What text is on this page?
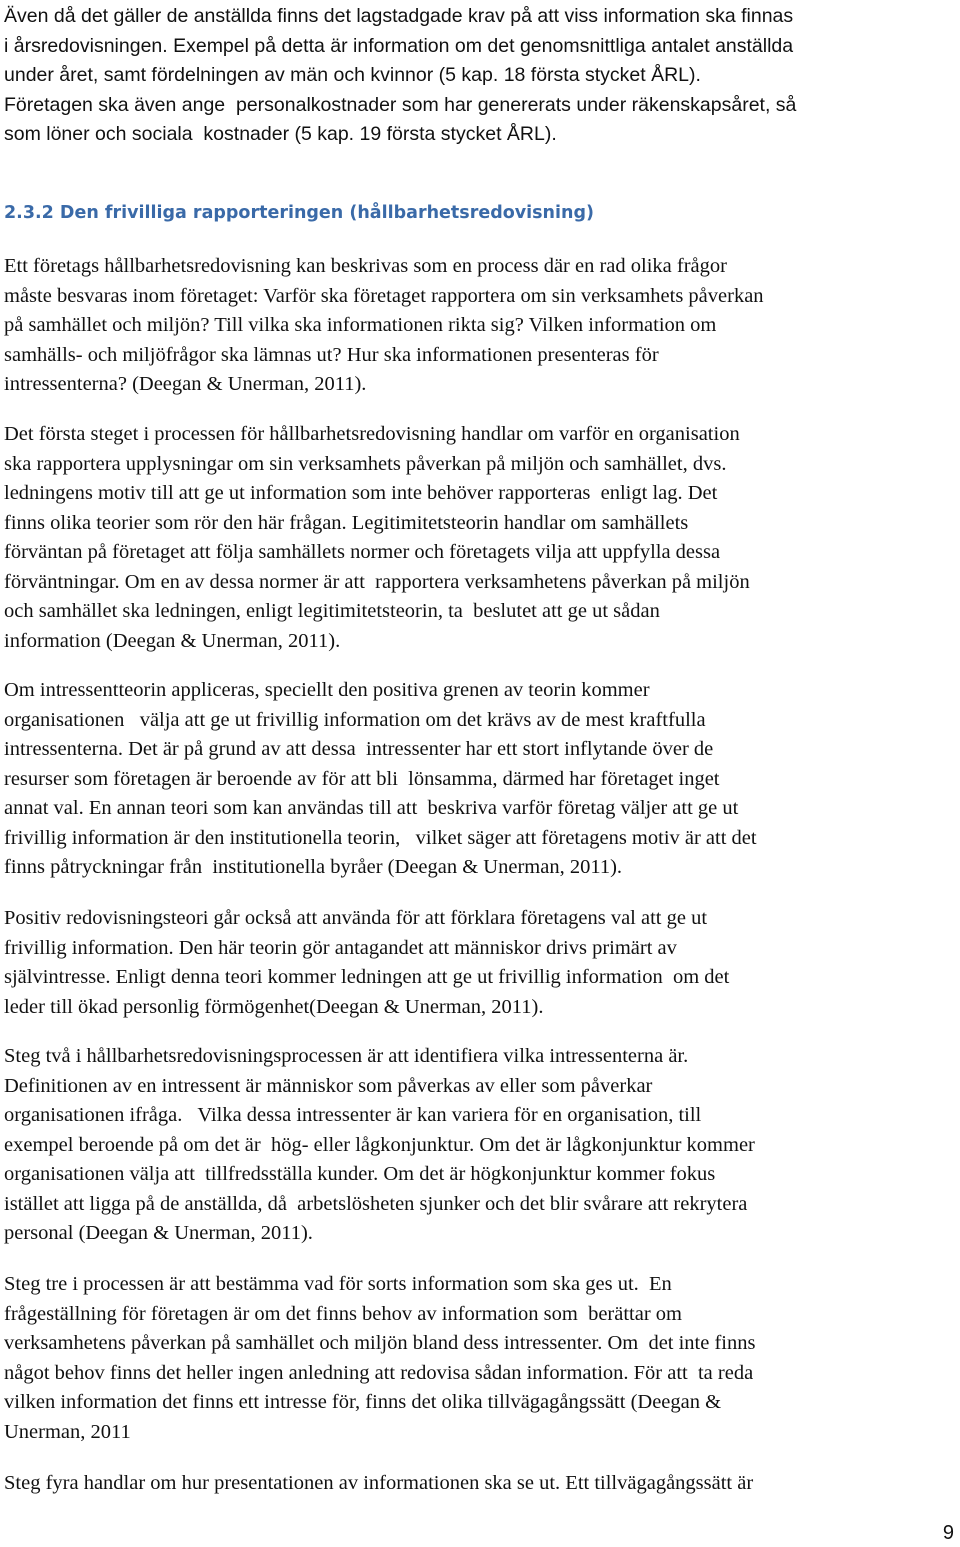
Även då det gäller de anställda finns det lagstadgade krav på att viss information ska finnas
i årsredovisningen. Exempel på detta är information om det genomsnittliga antalet anställda
under året, samt fördelningen av män och kvinnor (5 kap. 18 första stycket ÅRL).
Företagen ska även ange  personalkostnader som har genererats under räkenskapsåret, så
som löner och sociala  kostnader (5 kap. 19 första stycket ÅRL).

2.3.2 Den frivilliga rapporteringen (hållbarhetsredovisning)

Ett företags hållbarhetsredovisning kan beskrivas som en process där en rad olika frågor
måste besvaras inom företaget: Varför ska företaget rapportera om sin verksamhets påverkan
på samhället och miljön? Till vilka ska informationen rikta sig? Vilken information om
samhälls- och miljöfrågor ska lämnas ut? Hur ska informationen presenteras för
intressenterna? (Deegan & Unerman, 2011).

Det första steget i processen för hållbarhetsredovisning handlar om varför en organisation
ska rapportera upplysningar om sin verksamhets påverkan på miljön och samhället, dvs.
ledningens motiv till att ge ut information som inte behöver rapporteras  enligt lag. Det
finns olika teorier som rör den här frågan. Legitimitetsteorin handlar om samhällets
förväntan på företaget att följa samhällets normer och företagets vilja att uppfylla dessa
förväntningar. Om en av dessa normer är att  rapportera verksamhetens påverkan på miljön
och samhället ska ledningen, enligt legitimitetsteorin, ta  beslutet att ge ut sådan
information (Deegan & Unerman, 2011).

Om intressentteorin appliceras, speciellt den positiva grenen av teorin kommer
organisationen   välja att ge ut frivillig information om det krävs av de mest kraftfulla
intressenterna. Det är på grund av att dessa  intressenter har ett stort inflytande över de
resurser som företagen är beroende av för att bli  lönsamma, därmed har företaget inget
annat val. En annan teori som kan användas till att  beskriva varför företag väljer att ge ut
frivillig information är den institutionella teorin,   vilket säger att företagens motiv är att det
finns påtryckningar från  institutionella byråer (Deegan & Unerman, 2011).

Positiv redovisningsteori går också att använda för att förklara företagens val att ge ut
frivillig information. Den här teorin gör antagandet att människor drivs primärt av
självintresse. Enligt denna teori kommer ledningen att ge ut frivillig information  om det
leder till ökad personlig förmögenhet(Deegan & Unerman, 2011).

Steg två i hållbarhetsredovisningsprocessen är att identifiera vilka intressenterna är.
Definitionen av en intressent är människor som påverkas av eller som påverkar
organisationen ifråga.   Vilka dessa intressenter är kan variera för en organisation, till
exempel beroende på om det är  hög- eller lågkonjunktur. Om det är lågkonjunktur kommer
organisationen välja att  tillfredsställa kunder. Om det är högkonjunktur kommer fokus
istället att ligga på de anställda, då  arbetslösheten sjunker och det blir svårare att rekrytera
personal (Deegan & Unerman, 2011).

Steg tre i processen är att bestämma vad för sorts information som ska ges ut.  En
frågeställning för företagen är om det finns behov av information som  berättar om
verksamhetens påverkan på samhället och miljön bland dess intressenter. Om  det inte finns
något behov finns det heller ingen anledning att redovisa sådan information. För att  ta reda
vilken information det finns ett intresse för, finns det olika tillvägagångssätt (Deegan &
Unerman, 2011

Steg fyra handlar om hur presentationen av informationen ska se ut. Ett tillvägagångssätt är

9
